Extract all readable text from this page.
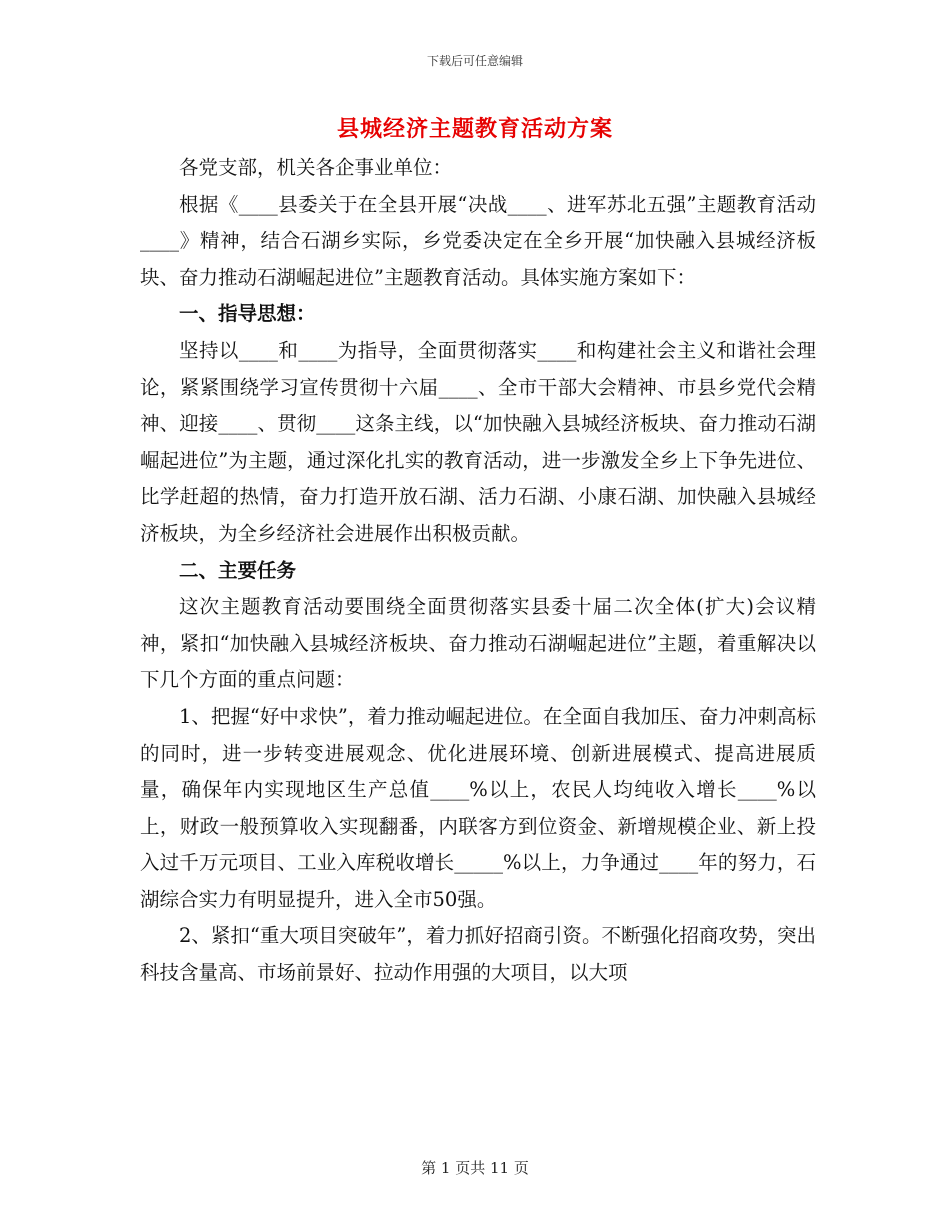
下载后可任意编辑
县城经济主题教育活动方案

各党支部，机关各企事业单位：

根据《____县委关于在全县开展“决战____、进军苏北五强”主题教育活动____》精神，结合石湖乡实际，乡党委决定在全乡开展“加快融入县城经济板块、奋力推动石湖崛起进位”主题教育活动。具体实施方案如下：

一、指导思想：

坚持以____和____为指导，全面贯彻落实____和构建社会主义和谐社会理论，紧紧围绕学习宣传贯彻十六届____、全市干部大会精神、市县乡党代会精神、迎接____、贯彻____这条主线，以“加快融入县城经济板块、奋力推动石湖崛起进位”为主题，通过深化扎实的教育活动，进一步激发全乡上下争先进位、比学赶超的热情，奋力打造开放石湖、活力石湖、小康石湖、加快融入县城经济板块，为全乡经济社会进展作出积极贡献。

二、主要任务

这次主题教育活动要围绕全面贯彻落实县委十届二次全体(扩大)会议精神，紧扣“加快融入县城经济板块、奋力推动石湖崛起进位”主题，着重解决以下几个方面的重点问题：

1、把握“好中求快”，着力推动崛起进位。在全面自我加压、奋力冲刺高标的同时，进一步转变进展观念、优化进展环境、创新进展模式、提高进展质量，确保年内实现地区生产总值____%以上，农民人均纯收入增长____%以上，财政一般预算收入实现翻番，内联客方到位资金、新增规模企业、新上投入过千万元项目、工业入库税收增长_____%以上，力争通过____年的努力，石湖综合实力有明显提升，进入全市50强。

2、紧扣“重大项目突破年”，着力抓好招商引资。不断强化招商攻势，突出科技含量高、市场前景好、拉动作用强的大项目，以大项

第 1 页共 11 页
